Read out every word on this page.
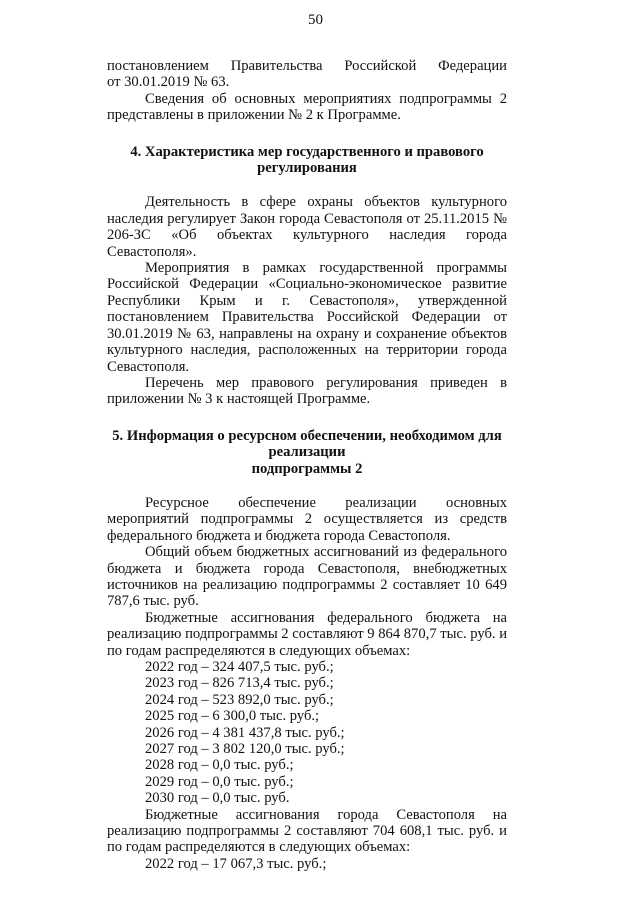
50

постановлением Правительства Российской Федерации

от 30.01.2019 № 63.

Сведения об основных мероприятиях подпрограммы 2 представлены в приложении № 2 к Программе.

4. Характеристика мер государственного и правового регулирования

Деятельность в сфере охраны объектов культурного наследия регулирует Закон города Севастополя от 25.11.2015 № 206-ЗС «Об объектах культурного наследия города Севастополя».

Мероприятия в рамках государственной программы Российской Федерации «Социально-экономическое развитие Республики Крым и г. Севастополя», утвержденной постановлением Правительства Российской Федерации от 30.01.2019 № 63, направлены на охрану и сохранение объектов культурного наследия, расположенных на территории города Севастополя.

Перечень мер правового регулирования приведен в приложении № 3 к настоящей Программе.

5. Информация о ресурсном обеспечении, необходимом для реализации
подпрограммы 2

Ресурсное обеспечение реализации основных мероприятий подпрограммы 2 осуществляется из средств федерального бюджета и бюджета города Севастополя.

Общий объем бюджетных ассигнований из федерального бюджета и бюджета города Севастополя, внебюджетных источников на реализацию подпрограммы 2 составляет 10 649 787,6 тыс. руб.

Бюджетные ассигнования федерального бюджета на реализацию подпрограммы 2 составляют 9 864 870,7 тыс. руб. и по годам распределяются в следующих объемах:

2022 год – 324 407,5 тыс. руб.;
2023 год – 826 713,4 тыс. руб.;
2024 год – 523 892,0 тыс. руб.;
2025 год – 6 300,0 тыс. руб.;
2026 год – 4 381 437,8 тыс. руб.;
2027 год – 3 802 120,0 тыс. руб.;
2028 год – 0,0 тыс. руб.;
2029 год – 0,0 тыс. руб.;
2030 год – 0,0 тыс. руб.

Бюджетные ассигнования города Севастополя на реализацию подпрограммы 2 составляют 704 608,1 тыс. руб. и по годам распределяются в следующих объемах:

2022 год – 17 067,3 тыс. руб.;
